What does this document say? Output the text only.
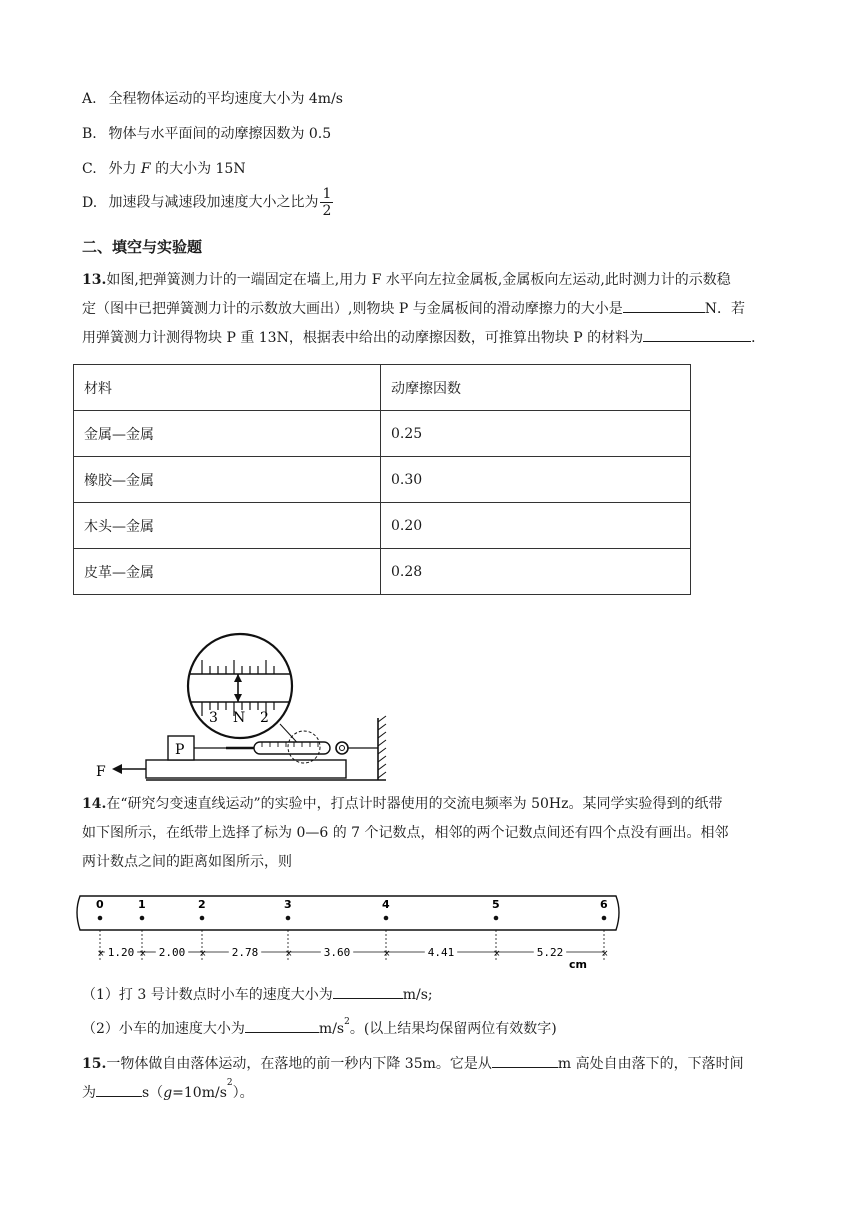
A. 全程物体运动的平均速度大小为 4m/s
B. 物体与水平面间的动摩擦因数为 0.5
C. 外力 F 的大小为 15N
D. 加速段与减速段加速度大小之比为 $\frac{1}{2}$
二、填空与实验题
13.如图,把弹簧测力计的一端固定在墙上,用力 F 水平向左拉金属板,金属板向左运动,此时测力计的示数稳
定（图中已把弹簧测力计的示数放大画出）,则物块 P 与金属板间的滑动摩擦力的大小是	N．若
用弹簧测力计测得物块 P 重 13N，根据表中给出的动摩擦因数，可推算出物块 P 的材料为	．
材料	动摩擦因数
金属—金属	0.25
橡胶—金属	0.30
木头—金属	0.20
皮革—金属	0.28
3 N 2
P
F
14.在“研究匀变速直线运动”的实验中，打点计时器使用的交流电频率为 50Hz。某同学实验得到的纸带
如下图所示，在纸带上选择了标为 0—6 的 7 个记数点，相邻的两个记数点间还有四个点没有画出。相邻
两计数点之间的距离如图所示，则
0	1	2	3	4	5	6
×	×	×	×	×	×	×
1.20 2.00	2.78	3.60	4.41	5.22
cm
（1）打 3 号计数点时小车的速度大小为	m/s;
（2）小车的加速度大小为	$m/s^2$。(以上结果均保留两位有效数字)
15.一物体做自由落体运动，在落地的前一秒内下降 35m。它是从	m 高处自由落下的，下落时间
为	$s(g=10m/s^2)$。
